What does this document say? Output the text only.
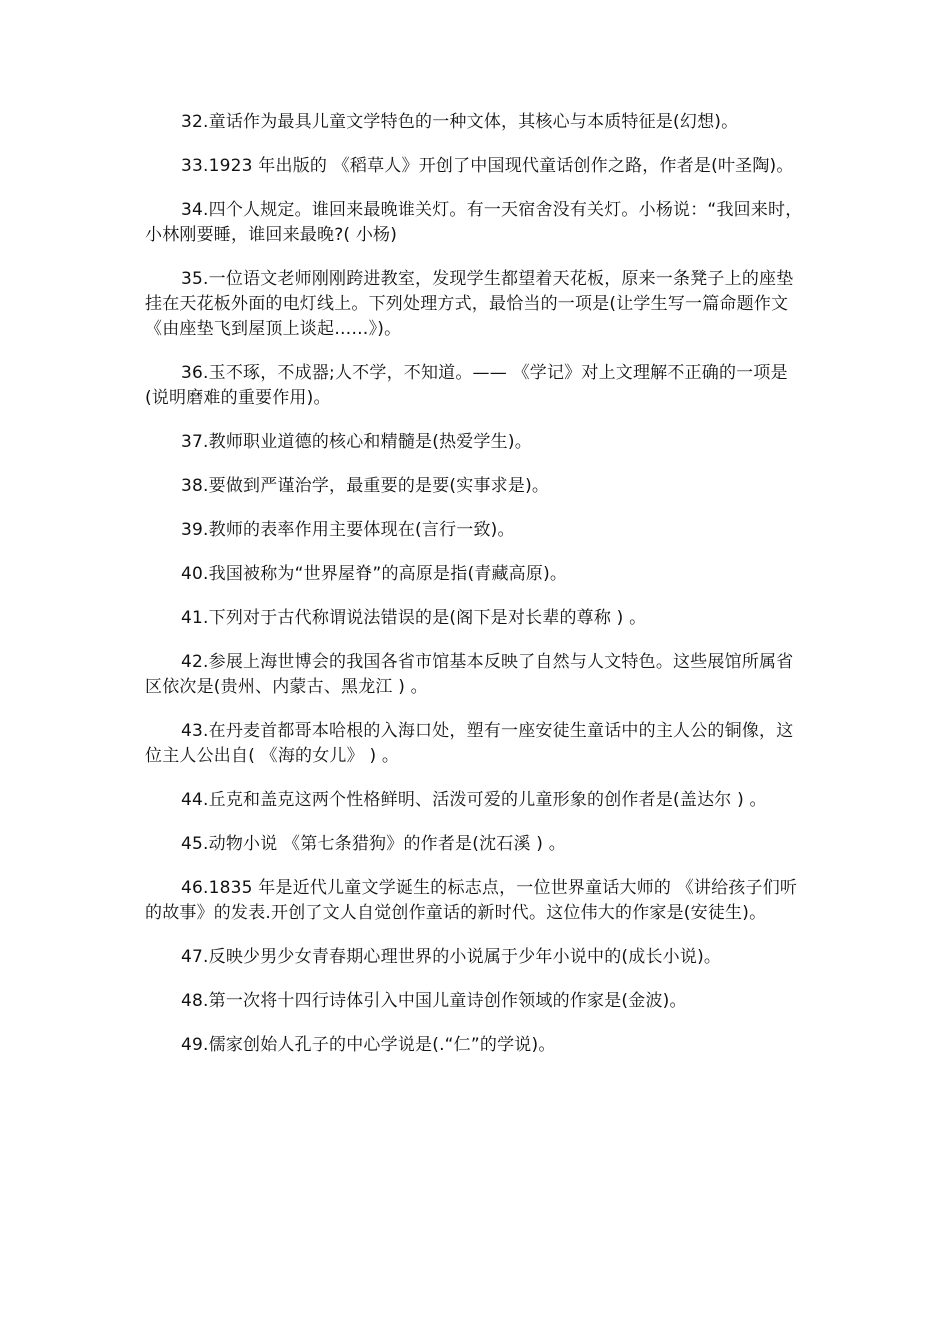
32.童话作为最具儿童文学特色的一种文体，其核心与本质特征是(幻想)。

33.1923 年出版的 《稻草人》开创了中国现代童话创作之路，作者是(叶圣陶)。

34.四个人规定。谁回来最晚谁关灯。有一天宿舍没有关灯。小杨说：“我回来时，小林刚要睡，谁回来最晚?( 小杨)

35.一位语文老师刚刚跨进教室，发现学生都望着天花板，原来一条凳子上的座垫挂在天花板外面的电灯线上。下列处理方式，最恰当的一项是(让学生写一篇命题作文 《由座垫飞到屋顶上谈起……》)。

36.玉不琢，不成器;人不学，不知道。—— 《学记》对上文理解不正确的一项是(说明磨难的重要作用)。

37.教师职业道德的核心和精髓是(热爱学生)。

38.要做到严谨治学，最重要的是要(实事求是)。

39.教师的表率作用主要体现在(言行一致)。

40.我国被称为“世界屋脊”的高原是指(青藏高原)。

41.下列对于古代称谓说法错误的是(阁下是对长辈的尊称 ) 。

42.参展上海世博会的我国各省市馆基本反映了自然与人文特色。这些展馆所属省区依次是(贵州、内蒙古、黑龙江 ) 。

43.在丹麦首都哥本哈根的入海口处，塑有一座安徒生童话中的主人公的铜像，这位主人公出自( 《海的女儿》 ) 。

44.丘克和盖克这两个性格鲜明、活泼可爱的儿童形象的创作者是(盖达尔 ) 。

45.动物小说 《第七条猎狗》的作者是(沈石溪 ) 。

46.1835 年是近代儿童文学诞生的标志点，一位世界童话大师的 《讲给孩子们听的故事》的发表.开创了文人自觉创作童话的新时代。这位伟大的作家是(安徒生)。

47.反映少男少女青春期心理世界的小说属于少年小说中的(成长小说)。

48.第一次将十四行诗体引入中国儿童诗创作领域的作家是(金波)。

49.儒家创始人孔子的中心学说是(.“仁”的学说)。
